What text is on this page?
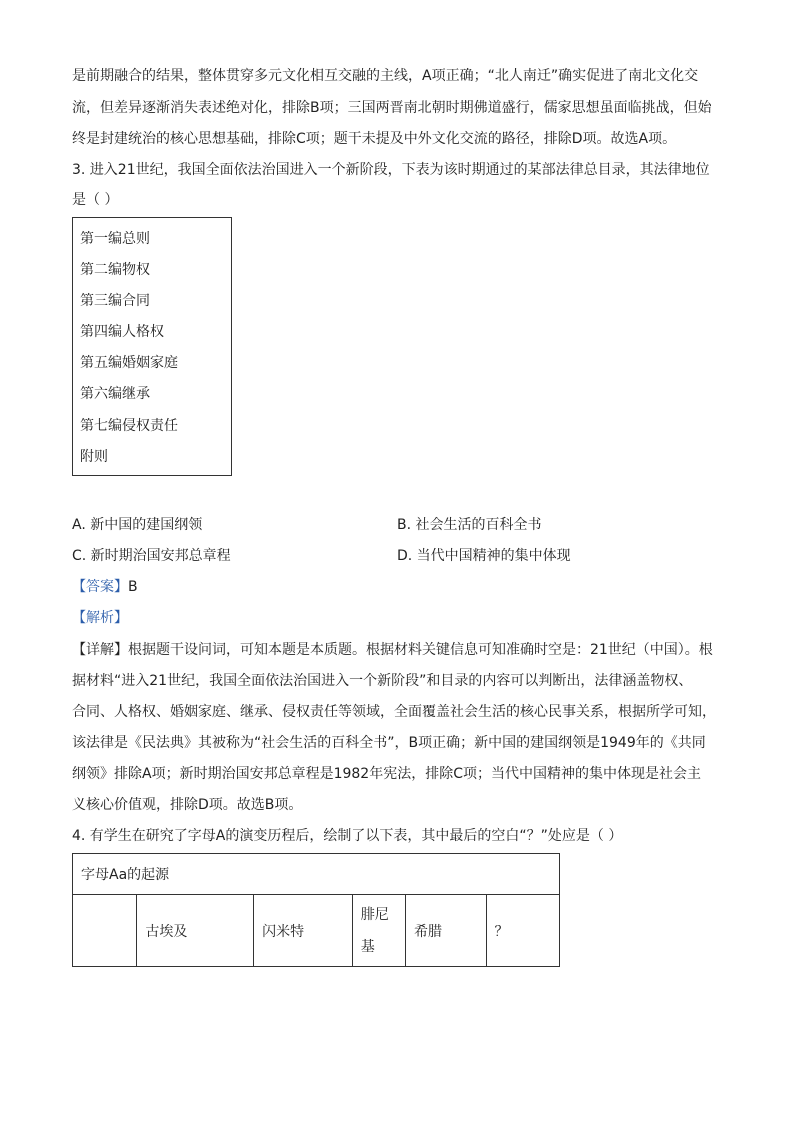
是前期融合的结果，整体贯穿多元文化相互交融的主线，A项正确；“北人南迁”确实促进了南北文化交
流，但差异逐渐消失表述绝对化，排除B项；三国两晋南北朝时期佛道盛行，儒家思想虽面临挑战，但始
终是封建统治的核心思想基础，排除C项；题干未提及中外文化交流的路径，排除D项。故选A项。
3. 进入21世纪，我国全面依法治国进入一个新阶段，下表为该时期通过的某部法律总目录，其法律地位
是（ ）
第一编总则
第二编物权
第三编合同
第四编人格权
第五编婚姻家庭
第六编继承
第七编侵权责任
附则
A. 新中国的建国纲领	B. 社会生活的百科全书
C. 新时期治国安邦总章程	D. 当代中国精神的集中体现
【答案】B
【解析】
【详解】根据题干设问词，可知本题是本质题。根据材料关键信息可知准确时空是：21世纪（中国）。根
据材料“进入21世纪，我国全面依法治国进入一个新阶段”和目录的内容可以判断出，法律涵盖物权、
合同、人格权、婚姻家庭、继承、侵权责任等领域，全面覆盖社会生活的核心民事关系，根据所学可知，
该法律是《民法典》其被称为“社会生活的百科全书”，B项正确；新中国的建国纲领是1949年的《共同
纲领》排除A项；新时期治国安邦总章程是1982年宪法，排除C项；当代中国精神的集中体现是社会主
义核心价值观，排除D项。故选B项。
4. 有学生在研究了字母A的演变历程后，绘制了以下表，其中最后的空白“？”处应是（ ）
字母Aa的起源
	古埃及	闪米特	腓尼基	希腊	？
